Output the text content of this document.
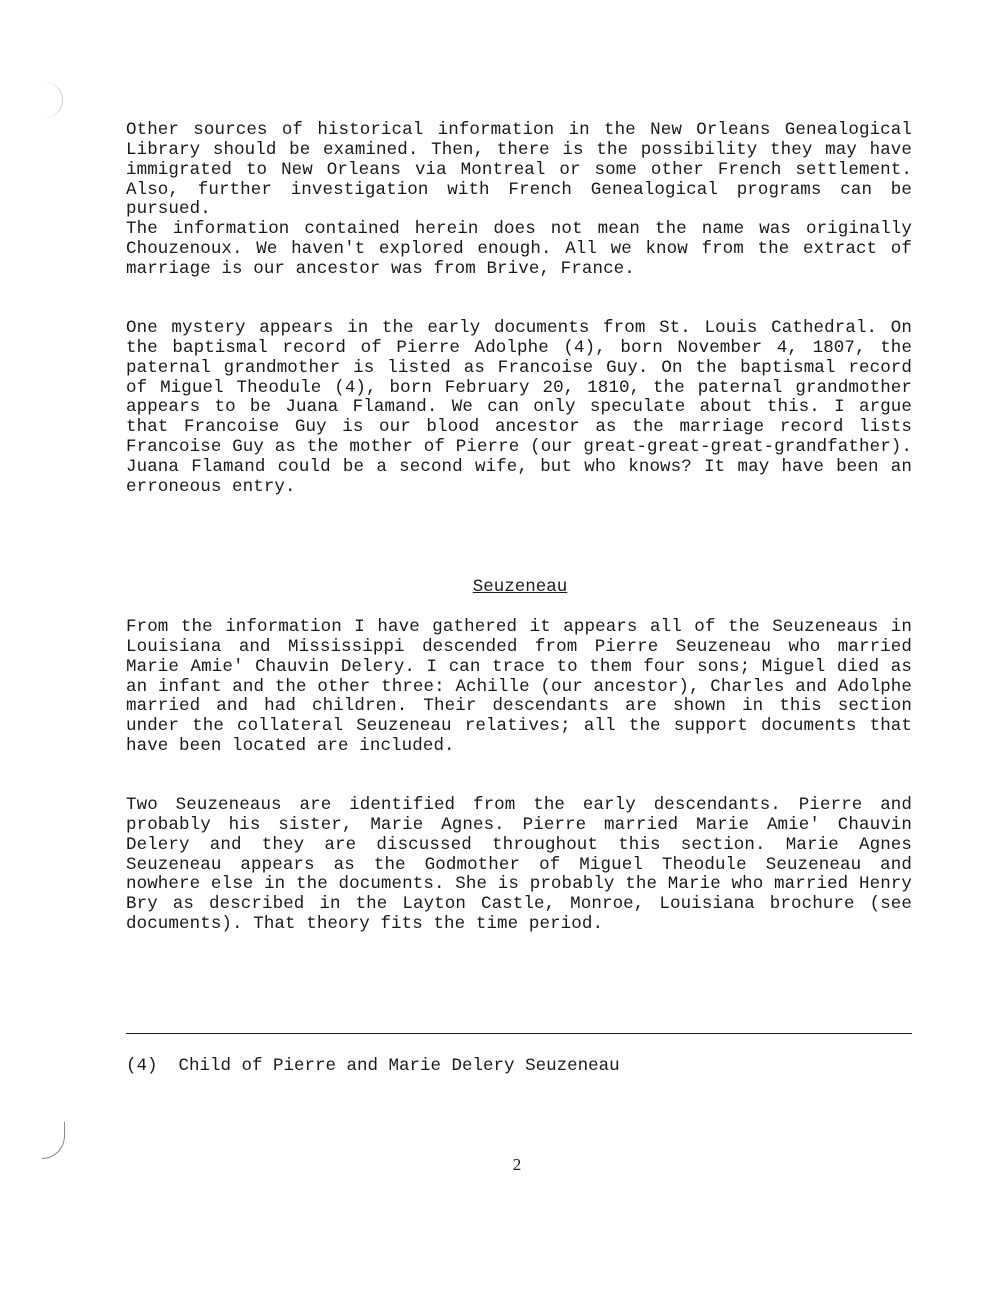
Other sources of historical information in the New Orleans Genealogical Library should be examined. Then, there is the possibility they may have immigrated to New Orleans via Montreal or some other French settlement. Also, further investigation with French Genealogical programs can be pursued.
The information contained herein does not mean the name was originally Chouzenoux. We haven't explored enough. All we know from the extract of marriage is our ancestor was from Brive, France.

One mystery appears in the early documents from St. Louis Cathedral. On the baptismal record of Pierre Adolphe (4), born November 4, 1807, the paternal grandmother is listed as Francoise Guy. On the baptismal record of Miguel Theodule (4), born February 20, 1810, the paternal grandmother appears to be Juana Flamand. We can only speculate about this. I argue that Francoise Guy is our blood ancestor as the marriage record lists Francoise Guy as the mother of Pierre (our great-great-great-grandfather). Juana Flamand could be a second wife, but who knows? It may have been an erroneous entry.

Seuzeneau

From the information I have gathered it appears all of the Seuzeneaus in Louisiana and Mississippi descended from Pierre Seuzeneau who married Marie Amie' Chauvin Delery. I can trace to them four sons; Miguel died as an infant and the other three: Achille (our ancestor), Charles and Adolphe married and had children. Their descendants are shown in this section under the collateral Seuzeneau relatives; all the support documents that have been located are included.

Two Seuzeneaus are identified from the early descendants. Pierre and probably his sister, Marie Agnes. Pierre married Marie Amie' Chauvin Delery and they are discussed throughout this section. Marie Agnes Seuzeneau appears as the Godmother of Miguel Theodule Seuzeneau and nowhere else in the documents. She is probably the Marie who married Henry Bry as described in the Layton Castle, Monroe, Louisiana brochure (see documents). That theory fits the time period.

(4)  Child of Pierre and Marie Delery Seuzeneau

2
